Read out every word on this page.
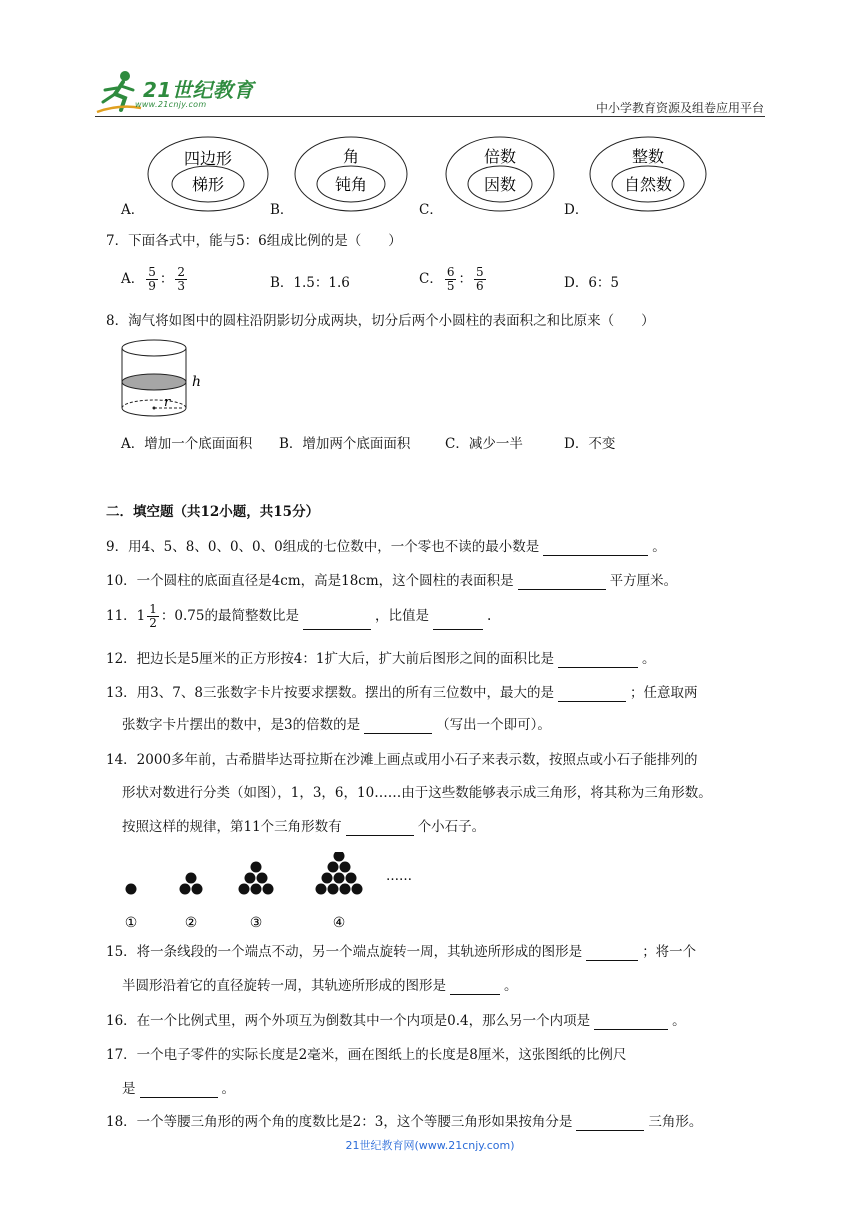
21世纪教育
www.21cnjy.com	中小学教育资源及组卷应用平台
四边形
梯形
角
钝角
倍数
因数
整数
自然数
A．	B．	C．	D．
7．下面各式中，能与5：6组成比例的是（　　）
A． $\frac{5}{9}$ ： $\frac{2}{3}$	B．1.5：1.6	C． $\frac{6}{5}$ ： $\frac{5}{6}$	D．6：5
8．淘气将如图中的圆柱沿阴影切分成两块，切分后两个小圆柱的表面积之和比原来（　　）
h
r
A．增加一个底面面积 B．增加两个底面面积	C．减少一半	D．不变
二．填空题（共12小题，共15分）
9．用4、5、8、0、0、0、0组成的七位数中，一个零也不读的最小数是	。
10．一个圆柱的底面直径是4cm，高是18cm，这个圆柱的表面积是	平方厘米。
11．$1 \frac{1}{2}$ ：0.75的最简整数比是	，比值是	.
12．把边长是5厘米的正方形按4：1扩大后，扩大前后图形之间的面积比是	。
13．用3、7、8三张数字卡片按要求摆数。摆出的所有三位数中，最大的是	；任意取两
张数字卡片摆出的数中，是3的倍数的是	（写出一个即可）。
14．2000多年前，古希腊毕达哥拉斯在沙滩上画点或用小石子来表示数，按照点或小石子能排列的
形状对数进行分类（如图），1，3，6，10……由于这些数能够表示成三角形，将其称为三角形数。
按照这样的规律，第11个三角形数有	个小石子。
……
①	②	③	④
15．将一条线段的一个端点不动，另一个端点旋转一周，其轨迹所形成的图形是	；将一个
半圆形沿着它的直径旋转一周，其轨迹所形成的图形是	。
16．在一个比例式里，两个外项互为倒数其中一个内项是0.4，那么另一个内项是	。
17．一个电子零件的实际长度是2毫米，画在图纸上的长度是8厘米，这张图纸的比例尺
是	。
18．一个等腰三角形的两个角的度数比是2：3，这个等腰三角形如果按角分是	三角形。
21世纪教育网(www.21cnjy.com)
